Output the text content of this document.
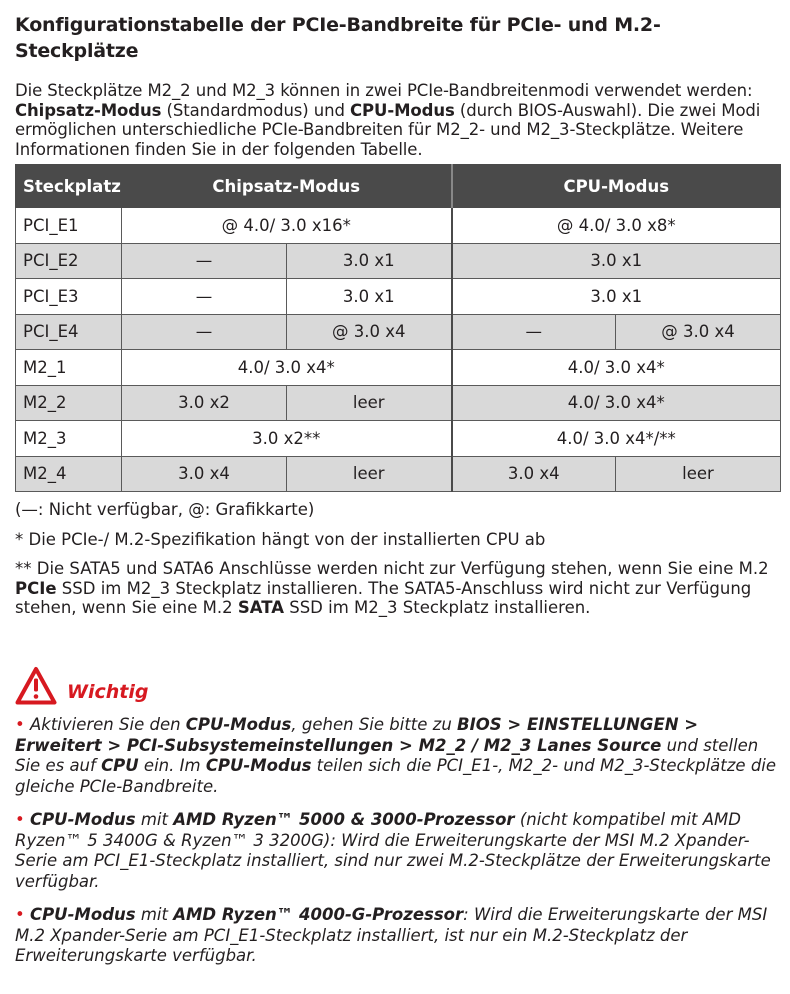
Konfigurationstabelle der PCIe-Bandbreite für PCIe- und M.2-Steckplätze

Die Steckplätze M2_2 und M2_3 können in zwei PCIe-Bandbreitenmodi verwendet werden: Chipsatz-Modus (Standardmodus) und CPU-Modus (durch BIOS-Auswahl). Die zwei Modi ermöglichen unterschiedliche PCIe-Bandbreiten für M2_2- und M2_3-Steckplätze. Weitere Informationen finden Sie in der folgenden Tabelle.

Steckplatz	Chipsatz-Modus		CPU-Modus	
PCI_E1	@ 4.0/ 3.0 x16*		@ 4.0/ 3.0 x8*	
PCI_E2	—	3.0 x1	3.0 x1	
PCI_E3	—	3.0 x1	3.0 x1	
PCI_E4	—	@ 3.0 x4	—	@ 3.0 x4
M2_1	4.0/ 3.0 x4*		4.0/ 3.0 x4*	
M2_2	3.0 x2	leer	4.0/ 3.0 x4*	
M2_3	3.0 x2**		4.0/ 3.0 x4*/**	
M2_4	3.0 x4	leer	3.0 x4	leer

(—: Nicht verfügbar, @: Grafikkarte)

* Die PCIe-/ M.2-Spezifikation hängt von der installierten CPU ab

** Die SATA5 und SATA6 Anschlüsse werden nicht zur Verfügung stehen, wenn Sie eine M.2 PCIe SSD im M2_3 Steckplatz installieren. The SATA5-Anschluss wird nicht zur Verfügung stehen, wenn Sie eine M.2 SATA SSD im M2_3 Steckplatz installieren.

Wichtig

• Aktivieren Sie den CPU-Modus, gehen Sie bitte zu BIOS > EINSTELLUNGEN > Erweitert > PCI-Subsystemeinstellungen > M2_2 / M2_3 Lanes Source und stellen Sie es auf CPU ein. Im CPU-Modus teilen sich die PCI_E1-, M2_2- und M2_3-Steckplätze die gleiche PCIe-Bandbreite.

• CPU-Modus mit AMD Ryzen™ 5000 & 3000-Prozessor (nicht kompatibel mit AMD Ryzen™ 5 3400G & Ryzen™ 3 3200G): Wird die Erweiterungskarte der MSI M.2 Xpander-Serie am PCI_E1-Steckplatz installiert, sind nur zwei M.2-Steckplätze der Erweiterungskarte verfügbar.

• CPU-Modus mit AMD Ryzen™ 4000-G-Prozessor: Wird die Erweiterungskarte der MSI M.2 Xpander-Serie am PCI_E1-Steckplatz installiert, ist nur ein M.2-Steckplatz der Erweiterungskarte verfügbar.
